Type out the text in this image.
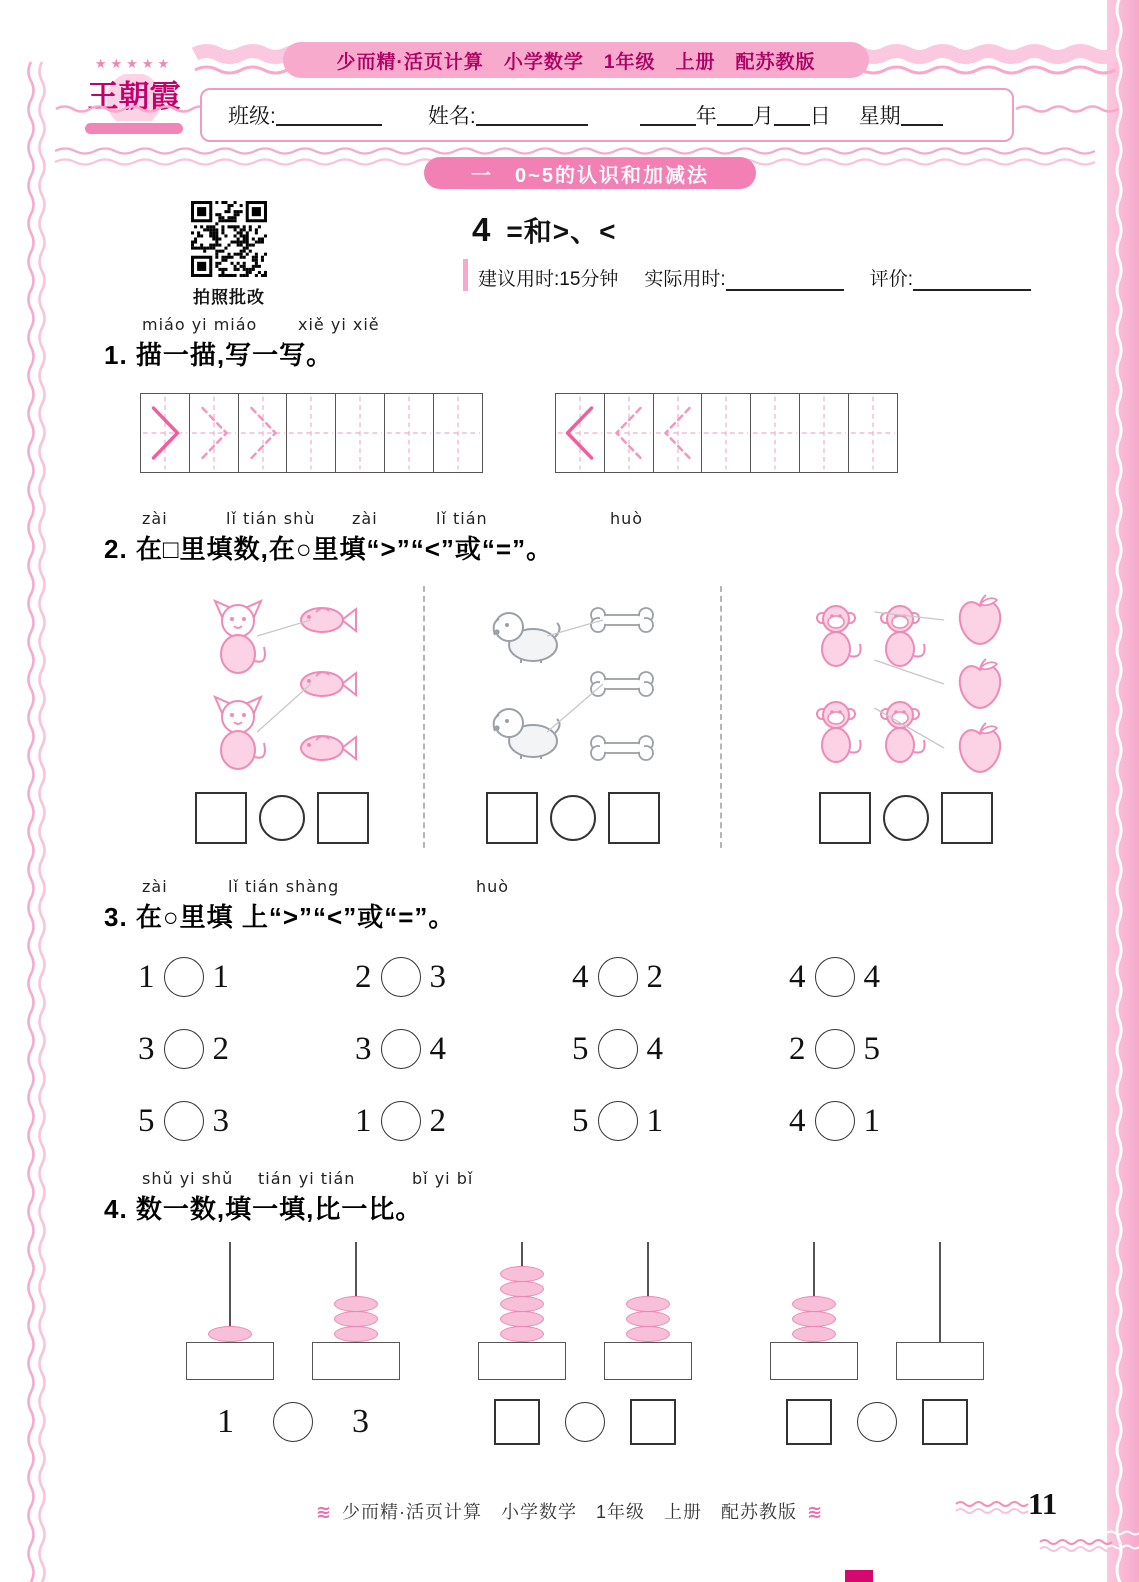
少而精·活页计算　小学数学　1年级　上册　配苏教版
★★★★★
王朝霞
班级:	姓名:	年 月 日 星期
一　0~5的认识和加减法
拍照批改
4 =和>、<
建议用时:15分钟 实际用时:	评价:
miáo yi miáo	xiě yi xiě
1. 描一描,写一写。
zài	lǐ tián shù zài	lǐ tián	huò
2. 在□里填数,在○里填“>”“<”或“=”。
zài	lǐ tián shàng	huò
3. 在○里填 上“>”“<”或“=”。
1 1	2 3	4 2	4 4
3 2	3 4	5 4	2 5
5 3	1 2	5 1	4 1
shǔ yi shǔ tián yi tián	bǐ yi bǐ
4. 数一数,填一填,比一比。
1	3
≋ 少而精·活页计算　小学数学　1年级　上册　配苏教版 ≋	11
